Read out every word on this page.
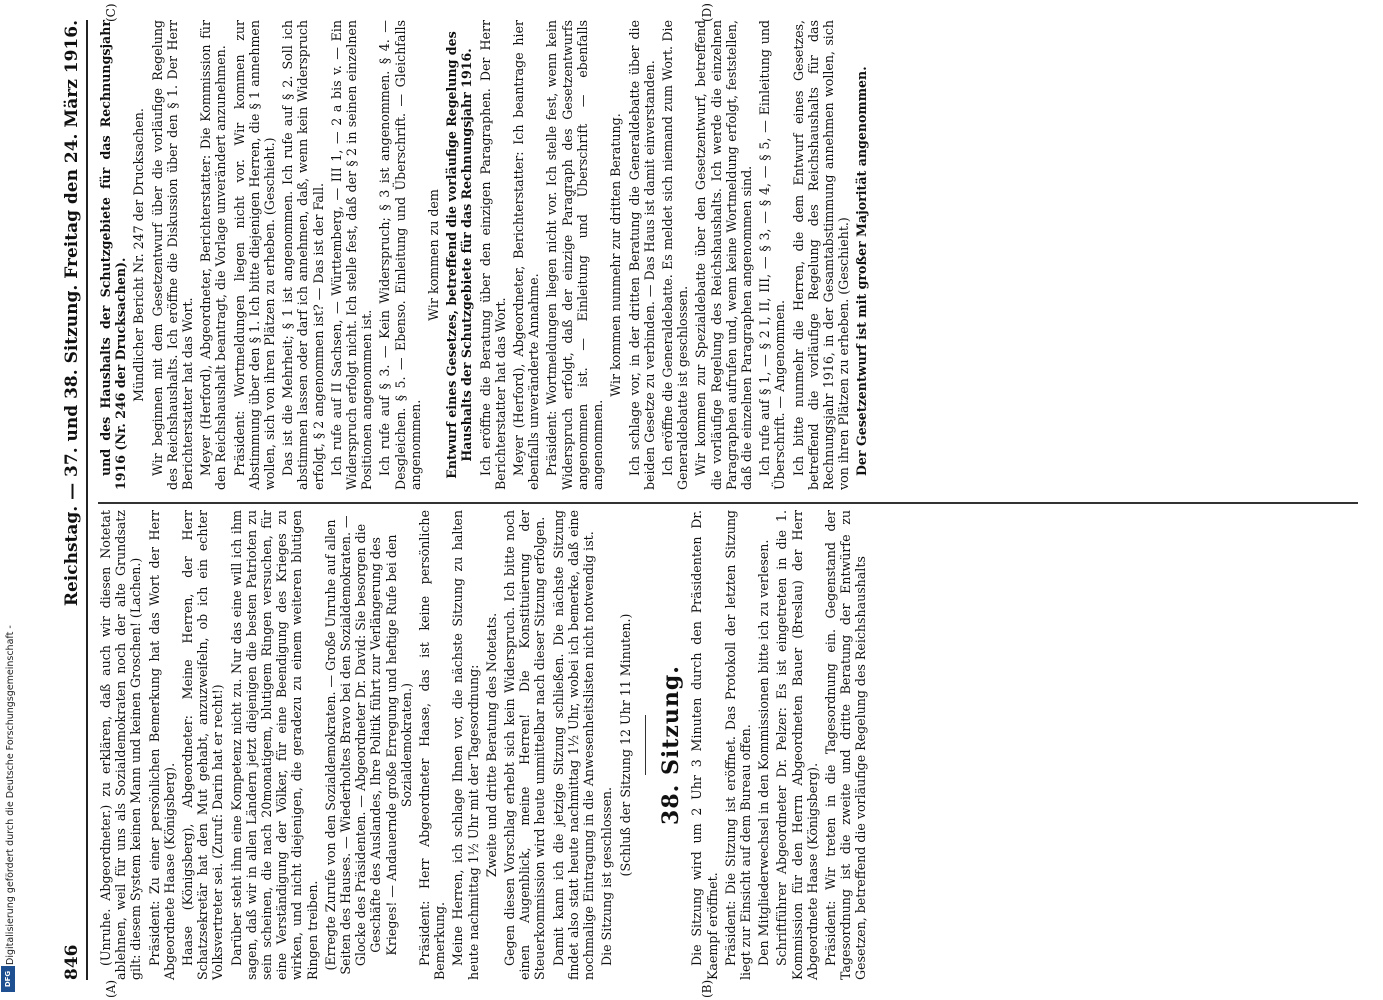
846
Reichstag. — 37. und 38. Sitzung. Freitag den 24. März 1916.
(A)	(B)
(C)	(D)

(Unruhe. Abgeordneter.) zu erklären, daß auch wir diesen Notetat ablehnen, weil für uns als Sozialdemokraten noch der alte Grundsatz gilt: diesem System keinen Mann und keinen Groschen! (Lachen.) Präsident: Zu einer persönlichen Bemerkung hat das Wort der Herr Abgeordnete Haase (Königsberg). Haase (Königsberg), Abgeordneter: Meine Herren, der Herr Schatzsekretär hat den Mut gehabt, anzuzweifeln, ob ich ein echter Volksvertreter sei. (Zuruf: Darin hat er recht!) Darüber steht ihm eine Kompetenz nicht zu. Nur das eine will ich ihm sagen, daß wir in allen Ländern jetzt diejenigen die besten Patrioten zu sein scheinen, die nach 20monatigem, blutigem Ringen versuchen, für eine Verständigung der Völker, für eine Beendigung des Krieges zu wirken, und nicht diejenigen, die geradezu zu einem weiteren blutigen Ringen treiben. (Erregte Zurufe von den Sozialdemokraten. — Große Unruhe auf allen Seiten des Hauses. — Wiederholtes Bravo bei den Sozialdemokraten. — Glocke des Präsidenten. — Abgeordneter Dr. David: Sie besorgen die Geschäfte des Auslandes, Ihre Politik führt zur Verlängerung des Krieges! — Andauernde große Erregung und heftige Rufe bei den Sozialdemokraten.) Präsident: Herr Abgeordneter Haase, das ist keine persönliche Bemerkung. Meine Herren, ich schlage Ihnen vor, die nächste Sitzung zu halten heute nachmittag 1½ Uhr mit der Tagesordnung: Zweite und dritte Beratung des Notetats. Gegen diesen Vorschlag erhebt sich kein Widerspruch. Ich bitte noch einen Augenblick, meine Herren! Die Konstituierung der Steuerkommission wird heute unmittelbar nach dieser Sitzung erfolgen. Damit kann ich die jetzige Sitzung schließen. Die nächste Sitzung findet also statt heute nachmittag 1½ Uhr, wobei ich bemerke, daß eine nochmalige Eintragung in die Anwesenheitslisten nicht notwendig ist. Die Sitzung ist geschlossen.

(Schluß der Sitzung 12 Uhr 11 Minuten.) 38. Sitzung. Die Sitzung wird um 2 Uhr 3 Minuten durch den Präsidenten Dr. Kaempf eröffnet. Präsident: Die Sitzung ist eröffnet. Das Protokoll der letzten Sitzung liegt zur Einsicht auf dem Bureau offen. Den Mitgliederwechsel in den Kommissionen bitte ich zu verlesen. Schriftführer Abgeordneter Dr. Pelzer: Es ist eingetreten in die 1. Kommission für den Herrn Abgeordneten Bauer (Breslau) der Herr Abgeordnete Haase (Königsberg). Präsident: Wir treten in die Tagesordnung ein. Gegenstand der Tagesordnung ist die zweite und dritte Beratung der Entwürfe zu Gesetzen, betreffend die vorläufige Regelung des Reichshaushalts

und des Haushalts der Schutzgebiete für das Rechnungsjahr 1916 (Nr. 246 der Drucksachen). Mündlicher Bericht Nr. 247 der Drucksachen. Wir beginnen mit dem Gesetzentwurf über die vorläufige Regelung des Reichshaushalts. Ich eröffne die Diskussion über den § 1. Der Herr Berichterstatter hat das Wort. Meyer (Herford), Abgeordneter, Berichterstatter: Die Kommission für den Reichshaushalt beantragt, die Vorlage unverändert anzunehmen. Präsident: Wortmeldungen liegen nicht vor. Wir kommen zur Abstimmung über den § 1. Ich bitte diejenigen Herren, die § 1 annehmen wollen, sich von ihren Plätzen zu erheben. (Geschieht.) Das ist die Mehrheit; § 1 ist angenommen. Ich rufe auf § 2. Soll ich abstimmen lassen oder darf ich annehmen, daß, wenn kein Widerspruch erfolgt, § 2 angenommen ist? — Das ist der Fall. Ich rufe auf II Sachsen, — Württemberg, — III 1, — 2 a bis v. — Ein Widerspruch erfolgt nicht. Ich stelle fest, daß der § 2 in seinen einzelnen Positionen angenommen ist. Ich rufe auf § 3. — Kein Widerspruch; § 3 ist angenommen. § 4. — Desgleichen. § 5. — Ebenso. Einleitung und Überschrift. — Gleichfalls angenommen.

Wir kommen zu dem Entwurf eines Gesetzes, betreffend die vorläufige Regelung des Haushalts der Schutzgebiete für das Rechnungsjahr 1916. Ich eröffne die Beratung über den einzigen Paragraphen. Der Herr Berichterstatter hat das Wort. Meyer (Herford), Abgeordneter, Berichterstatter: Ich beantrage hier ebenfalls unveränderte Annahme. Präsident: Wortmeldungen liegen nicht vor. Ich stelle fest, wenn kein Widerspruch erfolgt, daß der einzige Paragraph des Gesetzentwurfs angenommen ist. — Einleitung und Überschrift — ebenfalls angenommen.

Wir kommen nunmehr zur dritten Beratung. Ich schlage vor, in der dritten Beratung die Generaldebatte über die beiden Gesetze zu verbinden. — Das Haus ist damit einverstanden. Ich eröffne die Generaldebatte. Es meldet sich niemand zum Wort. Die Generaldebatte ist geschlossen. Wir kommen zur Spezialdebatte über den Gesetzentwurf, betreffend die vorläufige Regelung des Reichshaushalts. Ich werde die einzelnen Paragraphen aufrufen und, wenn keine Wortmeldung erfolgt, feststellen, daß die einzelnen Paragraphen angenommen sind. Ich rufe auf § 1, — § 2 I, II, III, — § 3, — § 4, — § 5, — Einleitung und Überschrift. — Angenommen. Ich bitte nunmehr die Herren, die dem Entwurf eines Gesetzes, betreffend die vorläufige Regelung des Reichshaushalts für das Rechnungsjahr 1916, in der Gesamtabstimmung annehmen wollen, sich von ihren Plätzen zu erheben. (Geschieht.) Der Gesetzentwurf ist mit großer Majorität angenommen.

Digitalisierung gefördert durch die Deutsche Forschungsgemeinschaft -
DFG
